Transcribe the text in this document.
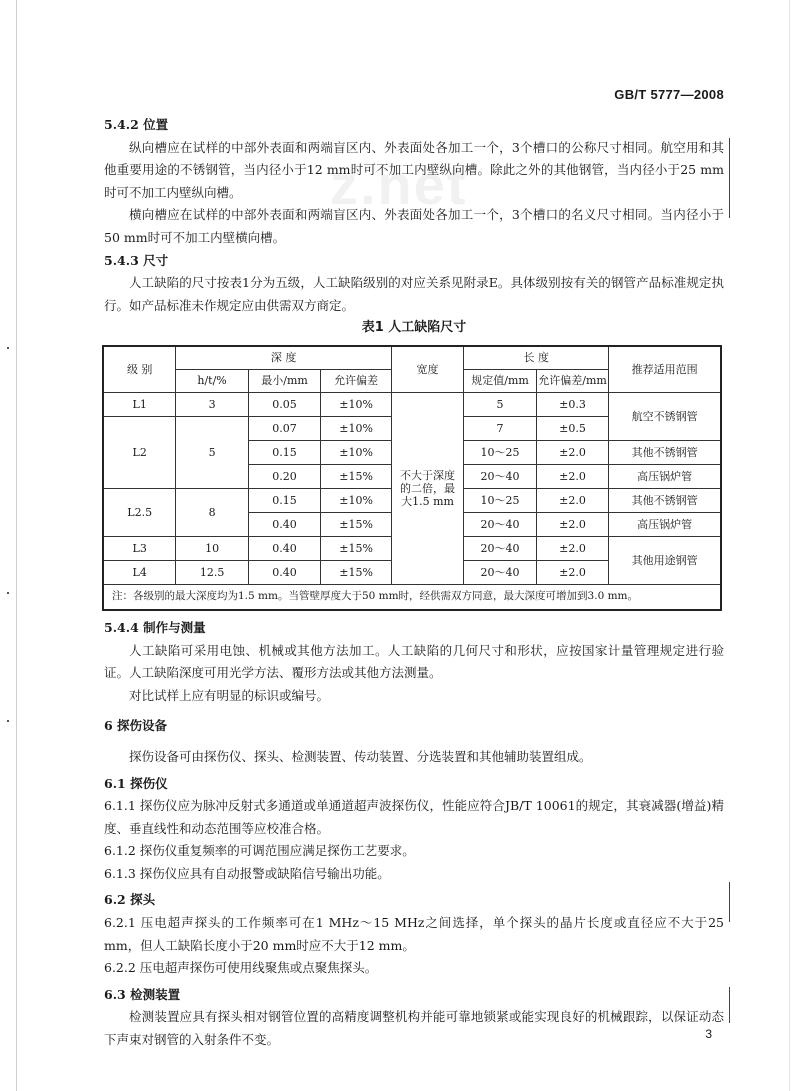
GB/T 5777—2008
z.net
5.4.2 位置
纵向槽应在试样的中部外表面和两端盲区内、外表面处各加工一个，3个槽口的公称尺寸相同。航空用和其他重要用途的不锈钢管，当内径小于12 mm时可不加工内壁纵向槽。除此之外的其他钢管，当内径小于25 mm时可不加工内壁纵向槽。
横向槽应在试样的中部外表面和两端盲区内、外表面处各加工一个，3个槽口的名义尺寸相同。当内径小于50 mm时可不加工内壁横向槽。
5.4.3 尺寸
人工缺陷的尺寸按表1分为五级，人工缺陷级别的对应关系见附录E。具体级别按有关的钢管产品标准规定执行。如产品标准未作规定应由供需双方商定。
表1 人工缺陷尺寸
级 别	深 度			宽度	长 度		推荐适用范围
	h/t/%	最小/mm	允许偏差		规定值/mm	允许偏差/mm	
L1	3	0.05	±10%	不大于深度的二倍，最大1.5 mm	5	±0.3	航空不锈钢管
L2	5	0.07	±10%		7	±0.5	
		0.15	±10%		10～25	±2.0	其他不锈钢管
		0.20	±15%		20～40	±2.0	高压锅炉管
L2.5	8	0.15	±10%		10～25	±2.0	其他不锈钢管
		0.40	±15%		20～40	±2.0	高压锅炉管
L3	10	0.40	±15%		20～40	±2.0	其他用途钢管
L4	12.5	0.40	±15%		20～40	±2.0	
注：各级别的最大深度均为1.5 mm。当管壁厚度大于50 mm时，经供需双方同意，最大深度可增加到3.0 mm。							
5.4.4 制作与测量
人工缺陷可采用电蚀、机械或其他方法加工。人工缺陷的几何尺寸和形状，应按国家计量管理规定进行验证。人工缺陷深度可用光学方法、覆形方法或其他方法测量。
对比试样上应有明显的标识或编号。
6 探伤设备
探伤设备可由探伤仪、探头、检测装置、传动装置、分选装置和其他辅助装置组成。
6.1 探伤仪
6.1.1 探伤仪应为脉冲反射式多通道或单通道超声波探伤仪，性能应符合JB/T 10061的规定，其衰减器(增益)精度、垂直线性和动态范围等应校准合格。
6.1.2 探伤仪重复频率的可调范围应满足探伤工艺要求。
6.1.3 探伤仪应具有自动报警或缺陷信号输出功能。
6.2 探头
6.2.1 压电超声探头的工作频率可在1 MHz～15 MHz之间选择，单个探头的晶片长度或直径应不大于25 mm，但人工缺陷长度小于20 mm时应不大于12 mm。
6.2.2 压电超声探伤可使用线聚焦或点聚焦探头。
6.3 检测装置
检测装置应具有探头相对钢管位置的高精度调整机构并能可靠地锁紧或能实现良好的机械跟踪，以保证动态下声束对钢管的入射条件不变。	3
